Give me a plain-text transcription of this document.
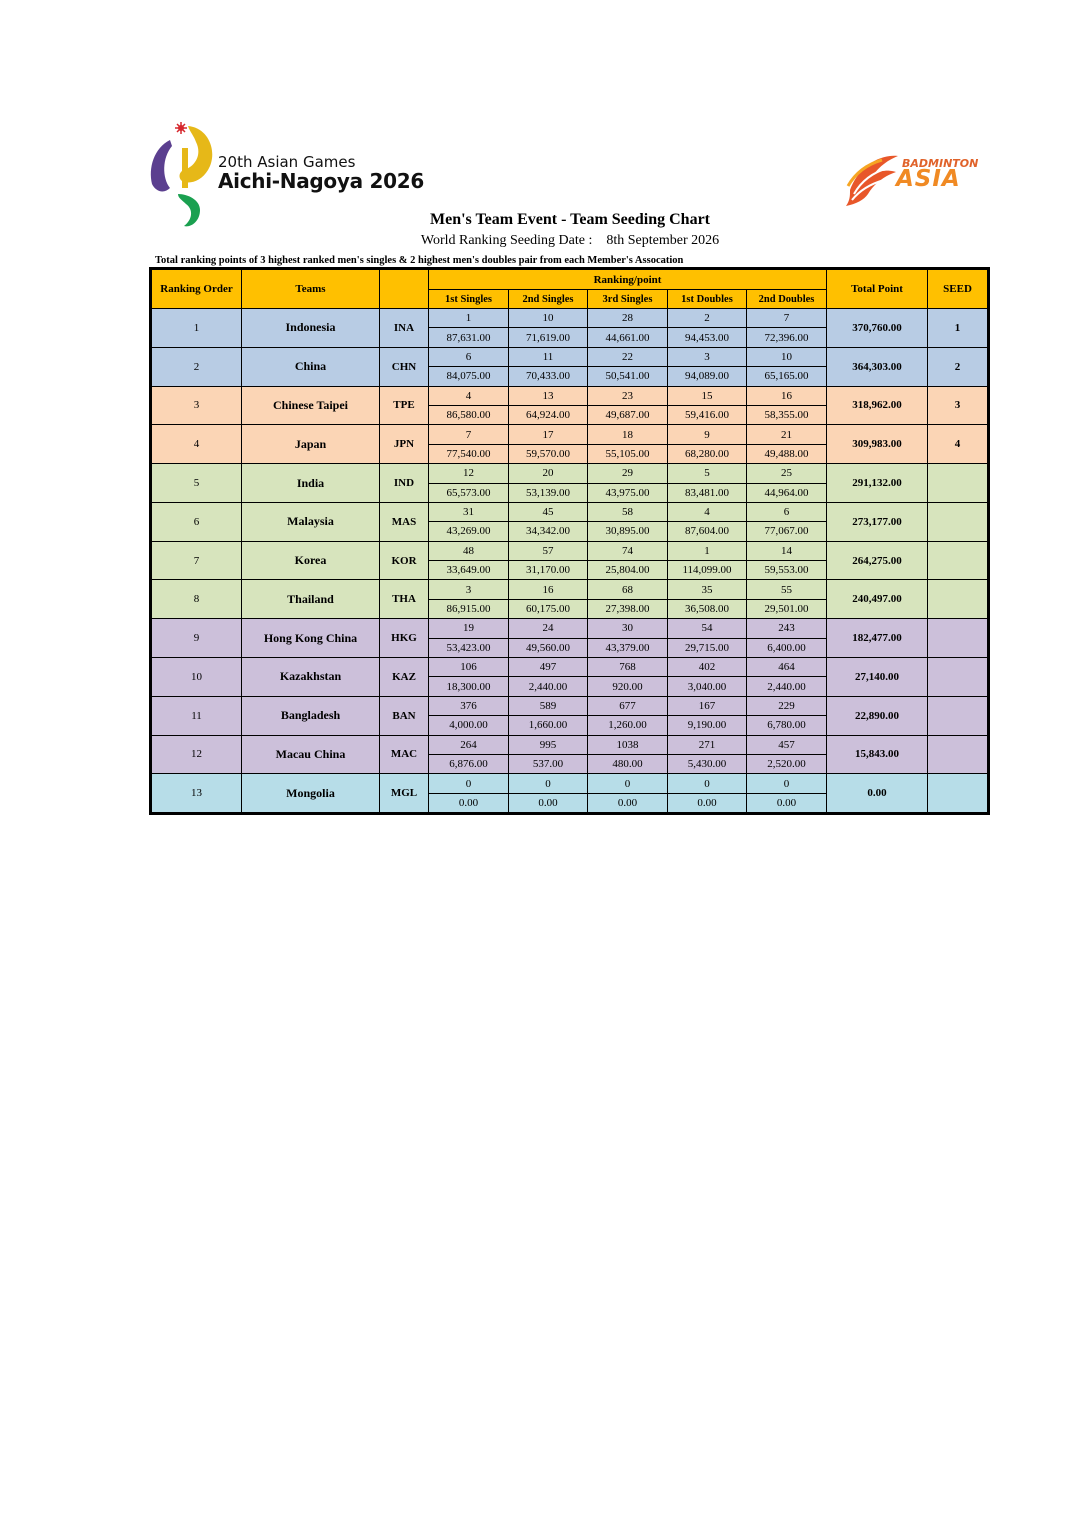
20th Asian Games
Aichi-Nagoya 2026
BADMINTON
ASIA
Men's Team Event - Team Seeding Chart
World Ranking Seeding Date : 8th September 2026
Total ranking points of 3 highest ranked men's singles & 2 highest men's doubles pair from each Member's Assocation
Ranking Order	Teams		Ranking/point					Total Point	SEED
			1st Singles	2nd Singles	3rd Singles	1st Doubles	2nd Doubles		
1	Indonesia	INA	1	10	28	2	7	370,760.00	1
			87,631.00	71,619.00	44,661.00	94,453.00	72,396.00		
2	China	CHN	6	11	22	3	10	364,303.00	2
			84,075.00	70,433.00	50,541.00	94,089.00	65,165.00		
3	Chinese Taipei	TPE	4	13	23	15	16	318,962.00	3
			86,580.00	64,924.00	49,687.00	59,416.00	58,355.00		
4	Japan	JPN	7	17	18	9	21	309,983.00	4
			77,540.00	59,570.00	55,105.00	68,280.00	49,488.00		
5	India	IND	12	20	29	5	25	291,132.00	
			65,573.00	53,139.00	43,975.00	83,481.00	44,964.00		
6	Malaysia	MAS	31	45	58	4	6	273,177.00	
			43,269.00	34,342.00	30,895.00	87,604.00	77,067.00		
7	Korea	KOR	48	57	74	1	14	264,275.00	
			33,649.00	31,170.00	25,804.00	114,099.00	59,553.00		
8	Thailand	THA	3	16	68	35	55	240,497.00	
			86,915.00	60,175.00	27,398.00	36,508.00	29,501.00		
9	Hong Kong China	HKG	19	24	30	54	243	182,477.00	
			53,423.00	49,560.00	43,379.00	29,715.00	6,400.00		
10	Kazakhstan	KAZ	106	497	768	402	464	27,140.00	
			18,300.00	2,440.00	920.00	3,040.00	2,440.00		
11	Bangladesh	BAN	376	589	677	167	229	22,890.00	
			4,000.00	1,660.00	1,260.00	9,190.00	6,780.00		
12	Macau China	MAC	264	995	1038	271	457	15,843.00	
			6,876.00	537.00	480.00	5,430.00	2,520.00		
13	Mongolia	MGL	0	0	0	0	0	0.00	
			0.00	0.00	0.00	0.00	0.00		
